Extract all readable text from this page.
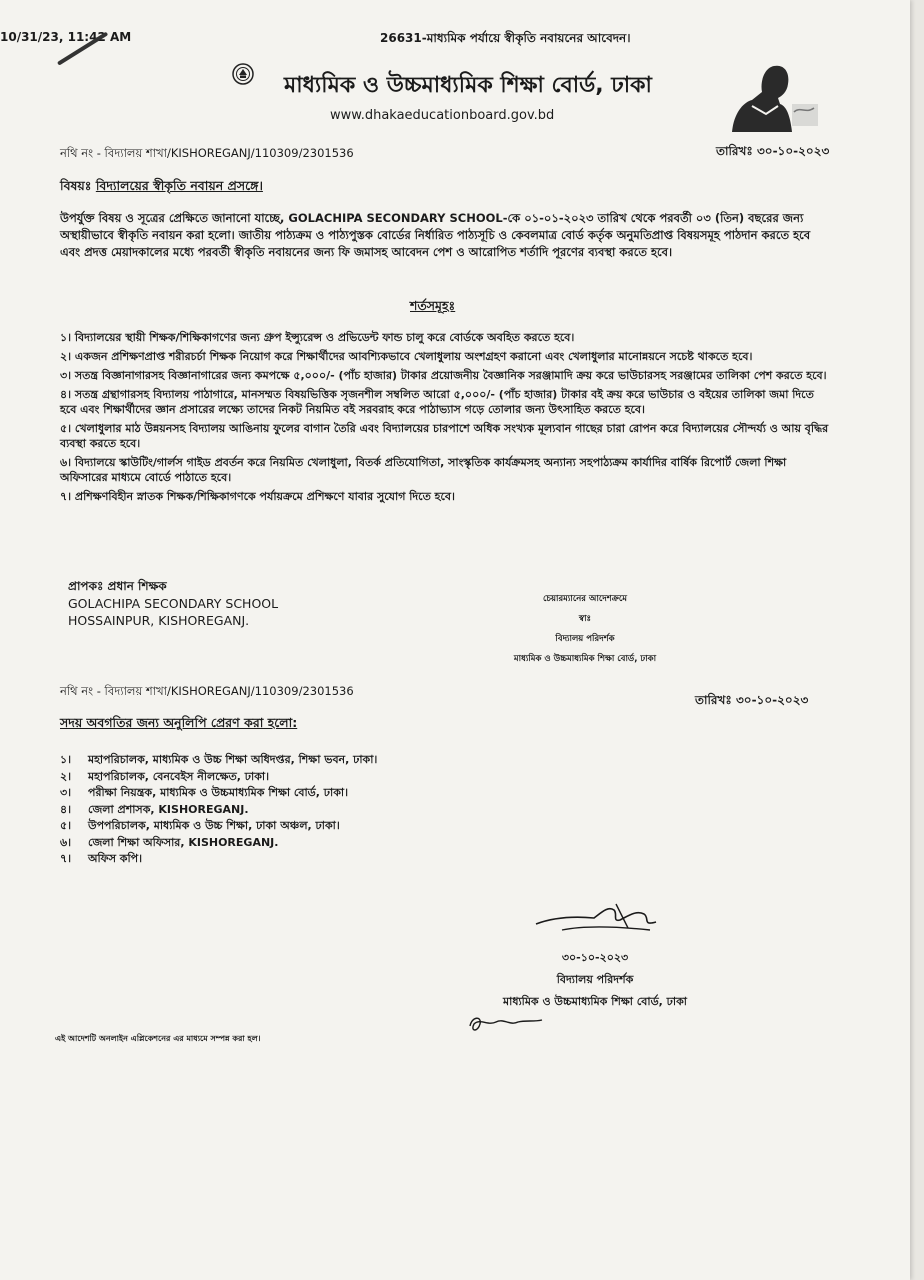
10/31/23, 11:42 AM	26631-মাধ্যমিক পর্যায়ে স্বীকৃতি নবায়নের আবেদন।
মাধ্যমিক ও উচ্চমাধ্যমিক শিক্ষা বোর্ড, ঢাকা
www.dhakaeducationboard.gov.bd
নথি নং - বিদ্যালয় শাখা/KISHOREGANJ/110309/2301536	তারিখঃ ৩০-১০-২০২৩
বিষয়ঃ বিদ্যালয়ের স্বীকৃতি নবায়ন প্রসঙ্গে।
উপর্যুক্ত বিষয় ও সূত্রের প্রেক্ষিতে জানানো যাচ্ছে, GOLACHIPA SECONDARY SCHOOL-কে ০১-০১-২০২৩ তারিখ থেকে পরবর্তী ০৩ (তিন) বছরের জন্য অস্থায়ীভাবে স্বীকৃতি নবায়ন করা হলো। জাতীয় পাঠ্যক্রম ও পাঠ্যপুস্তক বোর্ডের নির্ধারিত পাঠ্যসূচি ও কেবলমাত্র বোর্ড কর্তৃক অনুমতিপ্রাপ্ত বিষয়সমূহ পাঠদান করতে হবে এবং প্রদত্ত মেয়াদকালের মধ্যে পরবর্তী স্বীকৃতি নবায়নের জন্য ফি জমাসহ আবেদন পেশ ও আরোপিত শর্তাদি পূরণের ব্যবস্থা করতে হবে।
শর্তসমূহঃ
১। বিদ্যালয়ের স্থায়ী শিক্ষক/শিক্ষিকাগণের জন্য গ্রুপ ইন্স্যুরেন্স ও প্রভিডেন্ট ফান্ড চালু করে বোর্ডকে অবহিত করতে হবে।
২। একজন প্রশিক্ষণপ্রাপ্ত শরীরচর্চা শিক্ষক নিয়োগ করে শিক্ষার্থীদের আবশ্যিকভাবে খেলাধুলায় অংশগ্রহণ করানো এবং খেলাধুলার মানোন্নয়নে সচেষ্ট থাকতে হবে।
৩। সতন্ত্র বিজ্ঞানাগারসহ বিজ্ঞানাগারের জন্য কমপক্ষে ৫,০০০/- (পাঁচ হাজার) টাকার প্রয়োজনীয় বৈজ্ঞানিক সরঞ্জামাদি ক্রয় করে ভাউচারসহ সরঞ্জামের তালিকা পেশ করতে হবে।
৪। সতন্ত্র গ্রন্থাগারসহ বিদ্যালয় পাঠাগারে, মানসম্মত বিষয়ভিত্তিক সৃজনশীল সম্বলিত আরো ৫,০০০/- (পাঁচ হাজার) টাকার বই ক্রয় করে ভাউচার ও বইয়ের তালিকা জমা দিতে হবে এবং শিক্ষার্থীদের জ্ঞান প্রসারের লক্ষ্যে তাদের নিকট নিয়মিত বই সরবরাহ করে পাঠাভ্যাস গড়ে তোলার জন্য উৎসাহিত করতে হবে।
৫। খেলাধুলার মাঠ উন্নয়নসহ বিদ্যালয় আঙিনায় ফুলের বাগান তৈরি এবং বিদ্যালয়ের চারপাশে অধিক সংখ্যক মূল্যবান গাছের চারা রোপন করে বিদ্যালয়ের সৌন্দর্য্য ও আয় বৃদ্ধির ব্যবস্থা করতে হবে।
৬। বিদ্যালয়ে স্কাউটিং/গার্লস গাইড প্রবর্তন করে নিয়মিত খেলাধুলা, বিতর্ক প্রতিযোগিতা, সাংস্কৃতিক কার্যক্রমসহ অন্যান্য সহপাঠ্যক্রম কার্যাদির বার্ষিক রিপোর্ট জেলা শিক্ষা অফিসারের মাধ্যমে বোর্ডে পাঠাতে হবে।
৭। প্রশিক্ষণবিহীন স্নাতক শিক্ষক/শিক্ষিকাগণকে পর্যায়ক্রমে প্রশিক্ষণে যাবার সুযোগ দিতে হবে।
প্রাপকঃ প্রধান শিক্ষক
GOLACHIPA SECONDARY SCHOOL
HOSSAINPUR, KISHOREGANJ.
চেয়ারম্যানের আদেশক্রমে
স্বাঃ
বিদ্যালয় পরিদর্শক
মাধ্যমিক ও উচ্চমাধ্যমিক শিক্ষা বোর্ড, ঢাকা
নথি নং - বিদ্যালয় শাখা/KISHOREGANJ/110309/2301536
তারিখঃ ৩০-১০-২০২৩
সদয় অবগতির জন্য অনুলিপি প্রেরণ করা হলো:
১। মহাপরিচালক, মাধ্যমিক ও উচ্চ শিক্ষা অধিদপ্তর, শিক্ষা ভবন, ঢাকা।
২। মহাপরিচালক, বেনবেইস নীলক্ষেত, ঢাকা।
৩। পরীক্ষা নিয়ন্ত্রক, মাধ্যমিক ও উচ্চমাধ্যমিক শিক্ষা বোর্ড, ঢাকা।
৪। জেলা প্রশাসক, KISHOREGANJ.
৫। উপপরিচালক, মাধ্যমিক ও উচ্চ শিক্ষা, ঢাকা অঞ্চল, ঢাকা।
৬। জেলা শিক্ষা অফিসার, KISHOREGANJ.
৭। অফিস কপি।
৩০-১০-২০২৩
বিদ্যালয় পরিদর্শক
মাধ্যমিক ও উচ্চমাধ্যমিক শিক্ষা বোর্ড, ঢাকা
এই আদেশটি অনলাইন এপ্লিকেশনের এর মাধ্যমে সম্পন্ন করা হল।
